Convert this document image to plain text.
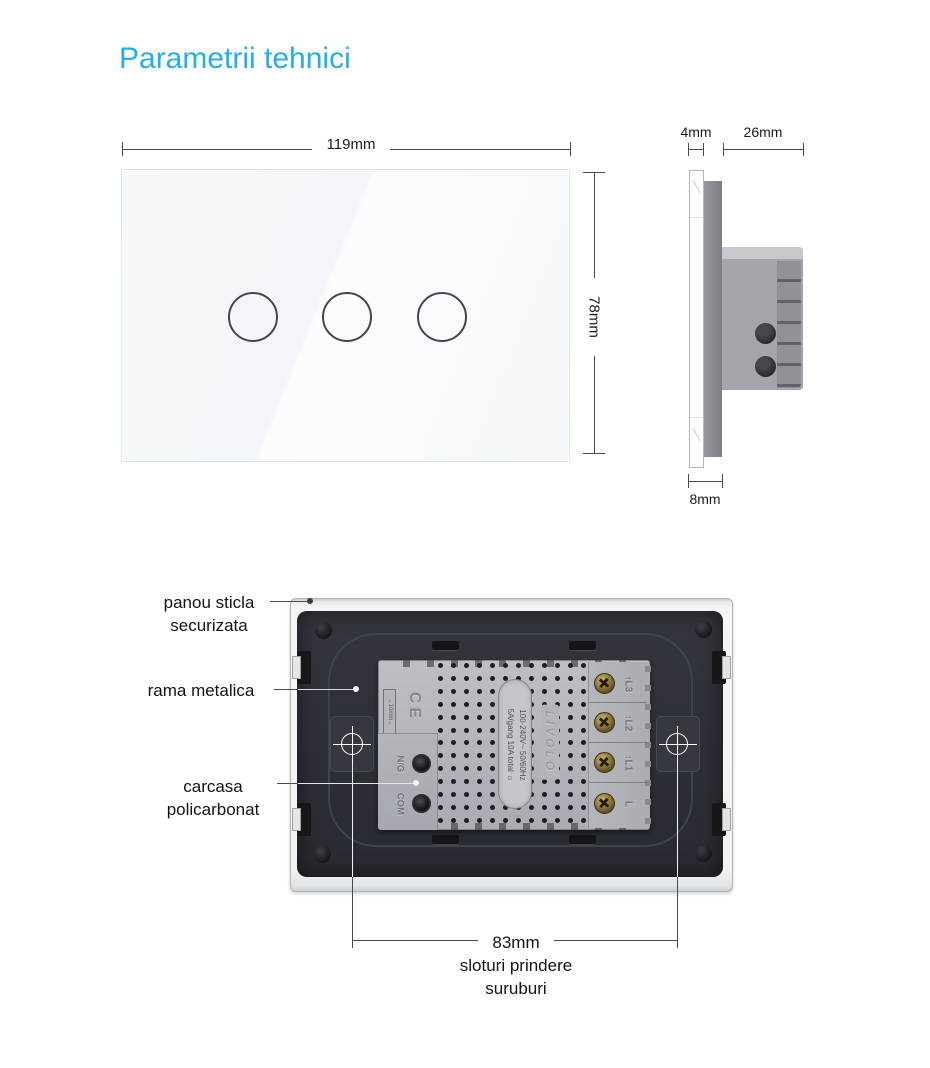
Parametrii tehnici
119mm
78mm
4mm	26mm
8mm
→10mm← CE
100-240V~ 50/60Hz
5A/gang 10A total ☼ LIVOLO
↑L3
↑L2
↑L1
L
N/G
COM
panou sticla
securizata
rama metalica
carcasa
policarbonat
83mm
sloturi prindere
suruburi
